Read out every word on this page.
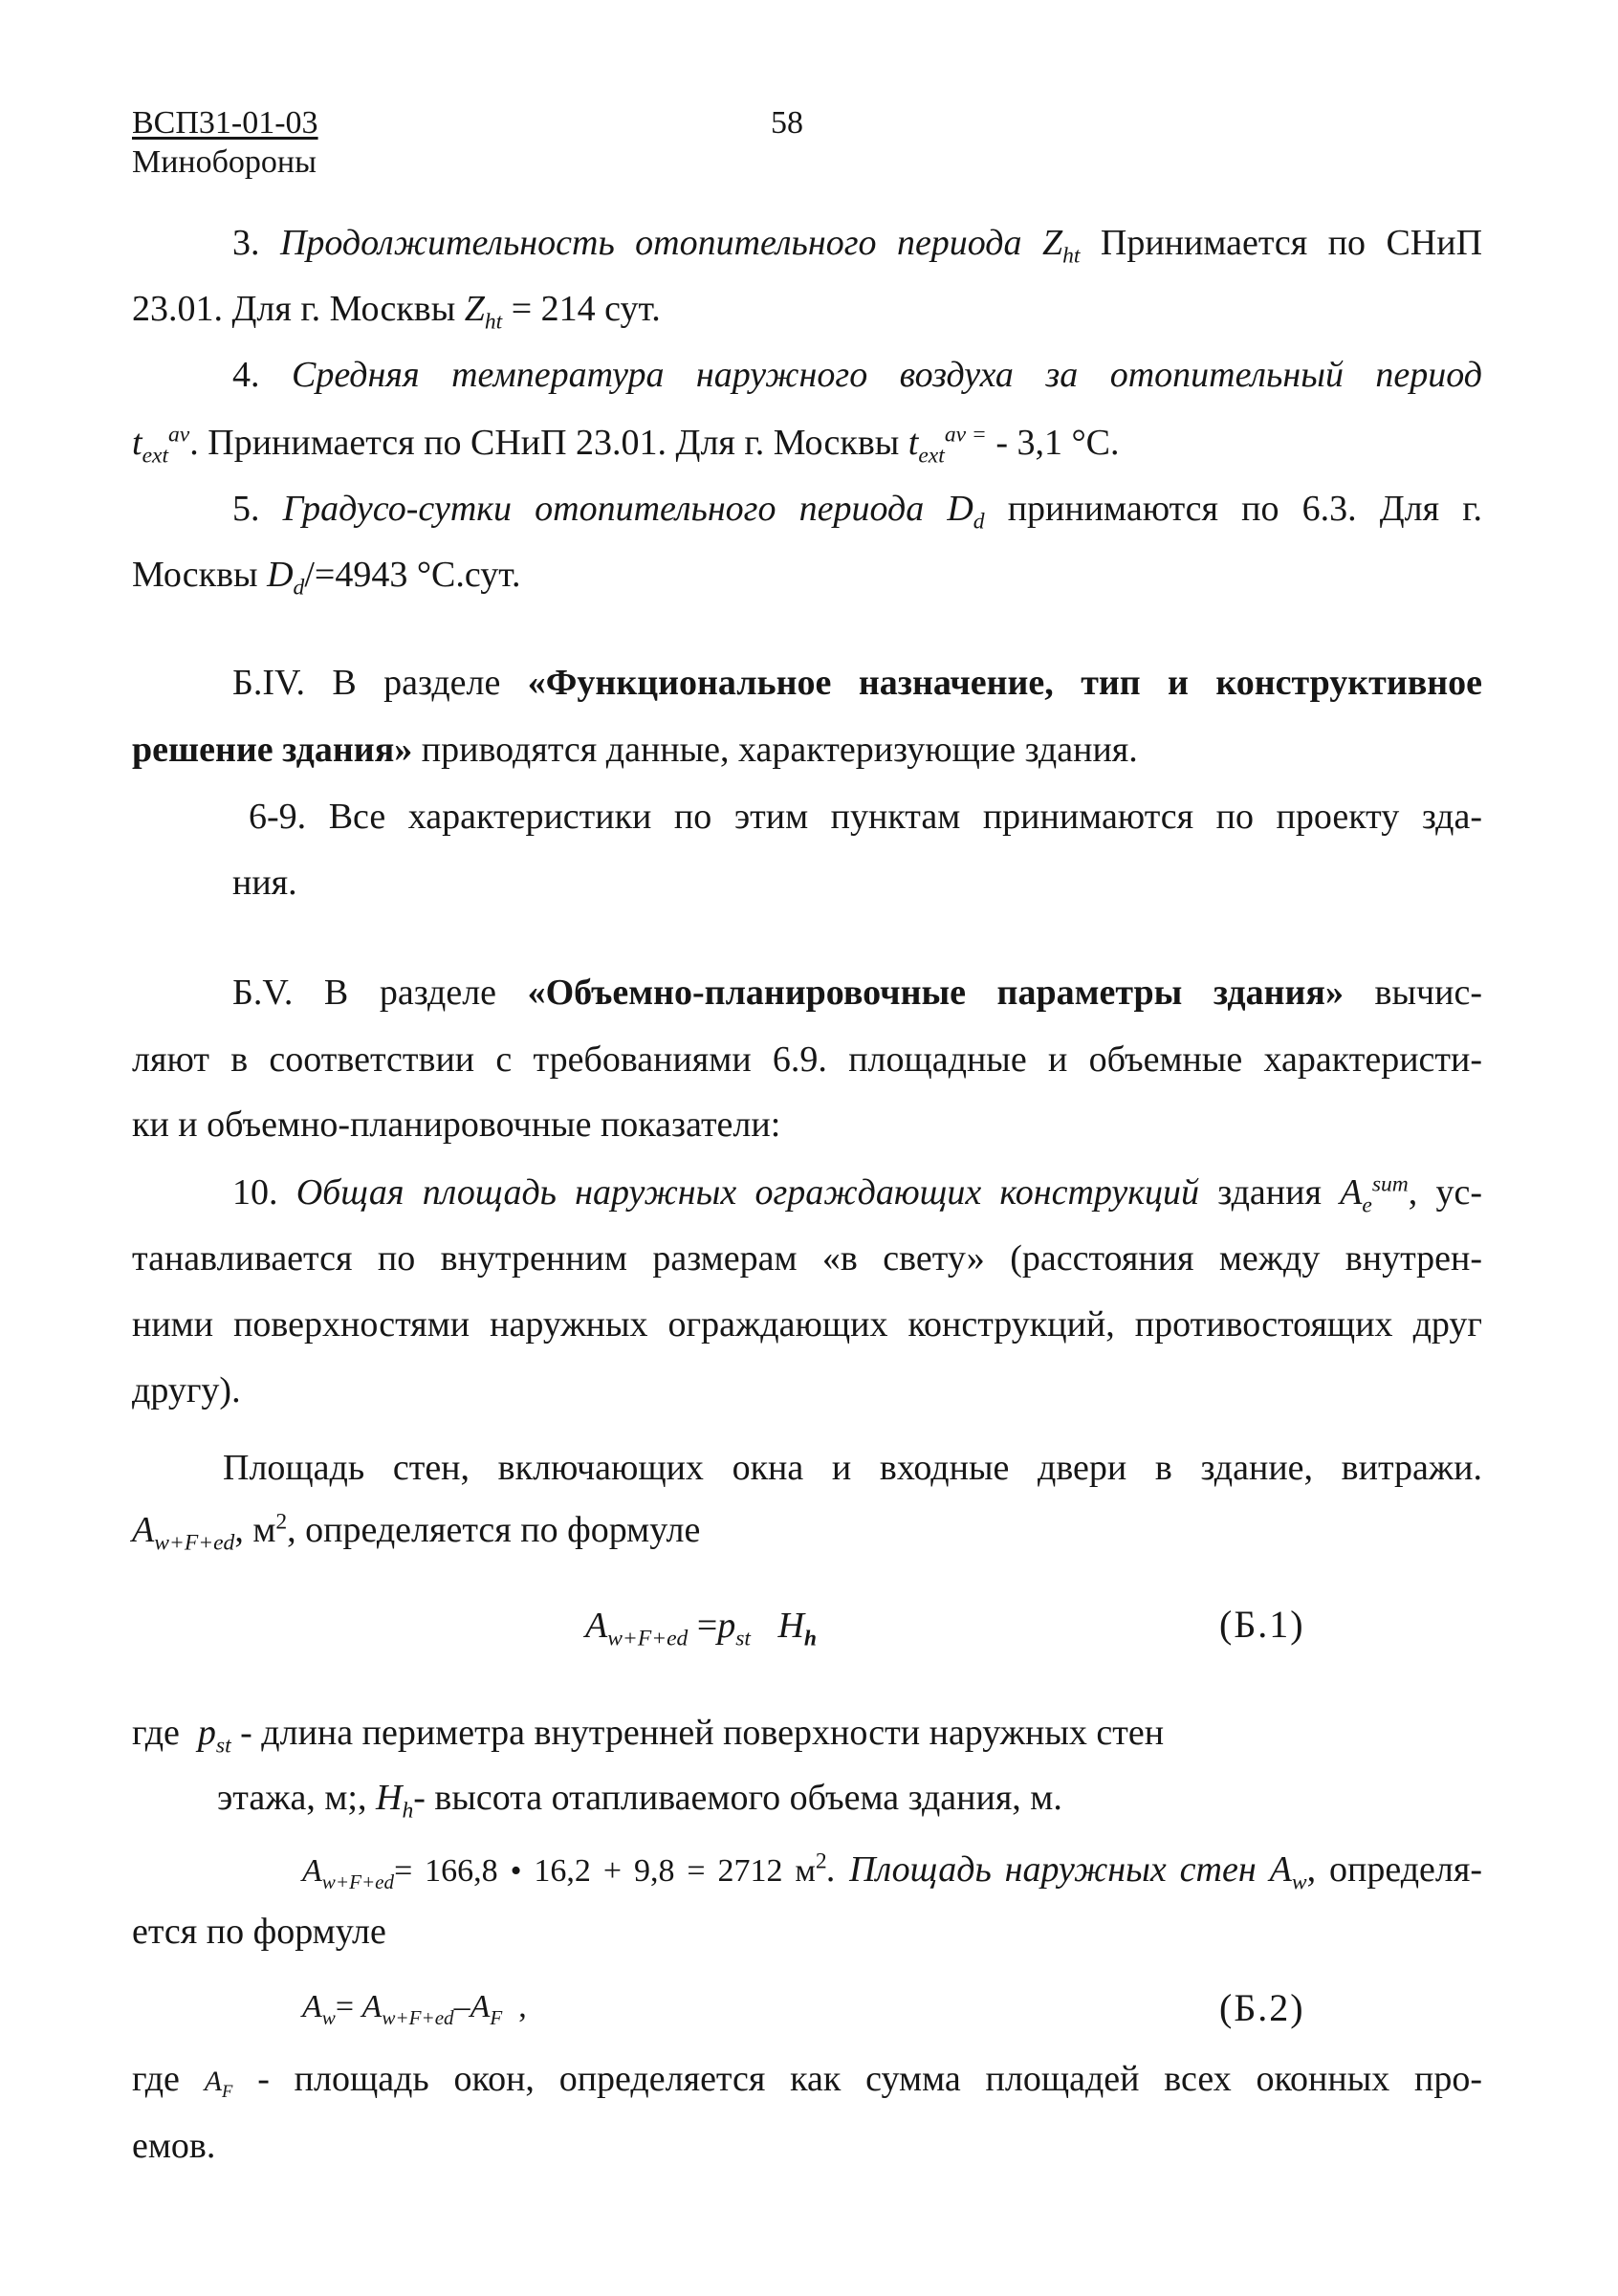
ВСП31-01-03
Минобороны
58
3. Продолжительность отопительного периода $Z_{ht}$ Принимается по СНиП
23.01. Для г. Москвы $Z_{ht} = 214$ сут.
4. Средняя температура наружного воздуха за отопительный период
$t_{ext}^{av}$. Принимается по СНиП 23.01. Для г. Москвы $t_{ext}^{av =} - 3,1$ °С.
5. Градусо-сутки отопительного периода $D_d$ принимаются по 6.3. Для г.
Москвы $D_d/=4943$ °С.сут.
Б.IV. В разделе «Функциональное назначение, тип и конструктивное
решение здания» приводятся данные, характеризующие здания.
6-9. Все характеристики по этим пунктам принимаются по проекту зда-
ния.
Б.V. В разделе «Объемно-планировочные параметры здания» вычис-
ляют в соответствии с требованиями 6.9. площадные и объемные характеристи-
ки и объемно-планировочные показатели:
10. Общая площадь наружных ограждающих конструкций здания $A_e^{sum}$, ус-
танавливается по внутренним размерам «в свету» (расстояния между внутрен-
ними поверхностями наружных ограждающих конструкций, противостоящих друг
другу).
Площадь стен, включающих окна и входные двери в здание, витражи.
$A_{w+F+ed}$, $м^2$, определяется по формуле
$A_{w+F+ed} =p_{st}$ $H_h$	(Б.1)
где $p_{st}$ - длина периметра внутренней поверхности наружных стен
этажа, м;, $H_h-$ высота отапливаемого объема здания, м.
$A_{w+F+ed}= 166,8$ • 16,2 + 9,8 = 2712 $м^2$. Площадь наружных стен $A_w$, определя-
ется по формуле
$A_w= A_{w+F+ed}-A_F$ ,	(Б.2)
где $A_F$ - площадь окон, определяется как сумма площадей всех оконных про-
емов.
